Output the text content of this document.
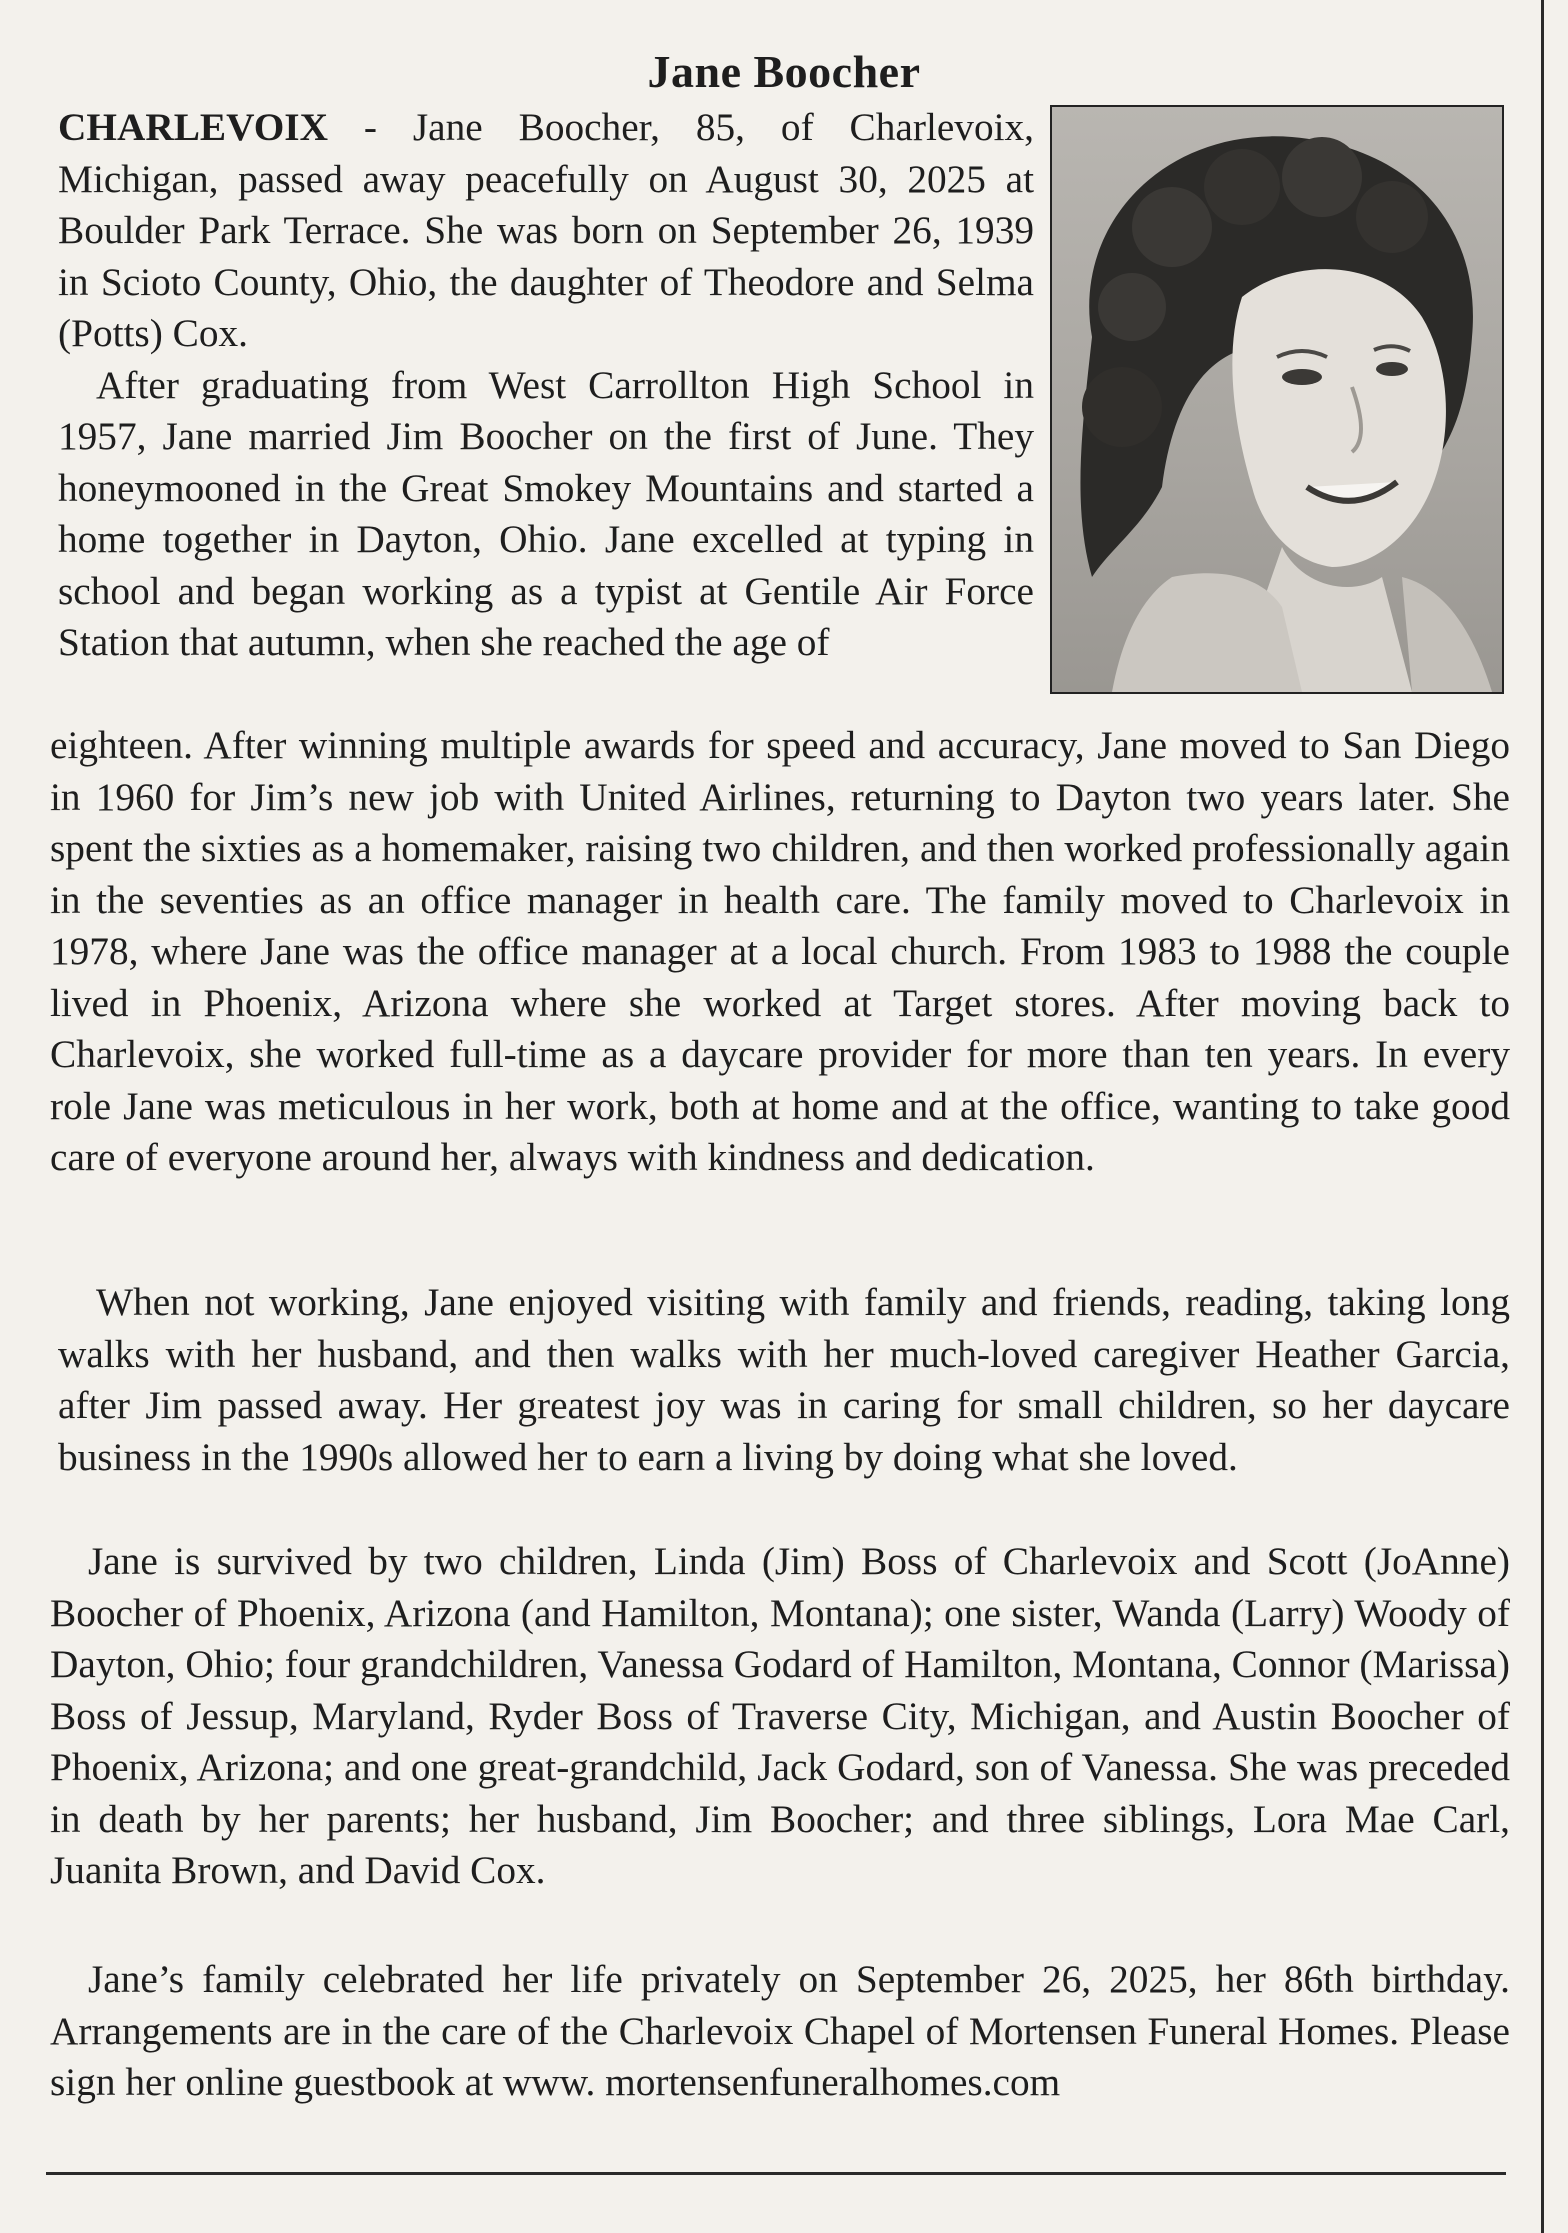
Jane Boocher

CHARLEVOIX - Jane Boocher, 85, of Charlevoix, Michigan, passed away peacefully on August 30, 2025 at Boulder Park Terrace. She was born on September 26, 1939 in Scioto County, Ohio, the daughter of Theodore and Selma (Potts) Cox.
After graduating from West Carrollton High School in 1957, Jane married Jim Boocher on the first of June. They honeymooned in the Great Smokey Mountains and started a home together in Dayton, Ohio. Jane excelled at typing in school and began working as a typist at Gentile Air Force Station that autumn, when she reached the age of

eighteen. After winning multiple awards for speed and accuracy, Jane moved to San Diego in 1960 for Jim’s new job with United Airlines, returning to Dayton two years later. She spent the sixties as a homemaker, raising two children, and then worked professionally again in the seventies as an office manager in health care. The family moved to Charlevoix in 1978, where Jane was the office manager at a local church. From 1983 to 1988 the couple lived in Phoenix, Arizona where she worked at Target stores. After moving back to Charlevoix, she worked full-time as a daycare provider for more than ten years. In every role Jane was meticulous in her work, both at home and at the office, wanting to take good care of everyone around her, always with kindness and dedication.

When not working, Jane enjoyed visiting with family and friends, reading, taking long walks with her husband, and then walks with her much-loved caregiver Heather Garcia, after Jim passed away. Her greatest joy was in caring for small children, so her daycare business in the 1990s allowed her to earn a living by doing what she loved.

Jane is survived by two children, Linda (Jim) Boss of Charlevoix and Scott (JoAnne) Boocher of Phoenix, Arizona (and Hamilton, Montana); one sister, Wanda (Larry) Woody of Dayton, Ohio; four grandchildren, Vanessa Godard of Hamilton, Montana, Connor (Marissa) Boss of Jessup, Maryland, Ryder Boss of Traverse City, Michigan, and Austin Boocher of Phoenix, Arizona; and one great-grandchild, Jack Godard, son of Vanessa. She was preceded in death by her parents; her husband, Jim Boocher; and three siblings, Lora Mae Carl, Juanita Brown, and David Cox.

Jane’s family celebrated her life privately on September 26, 2025, her 86th birthday. Arrangements are in the care of the Charlevoix Chapel of Mortensen Funeral Homes. Please sign her online guestbook at www. mortensenfuneralhomes.com
